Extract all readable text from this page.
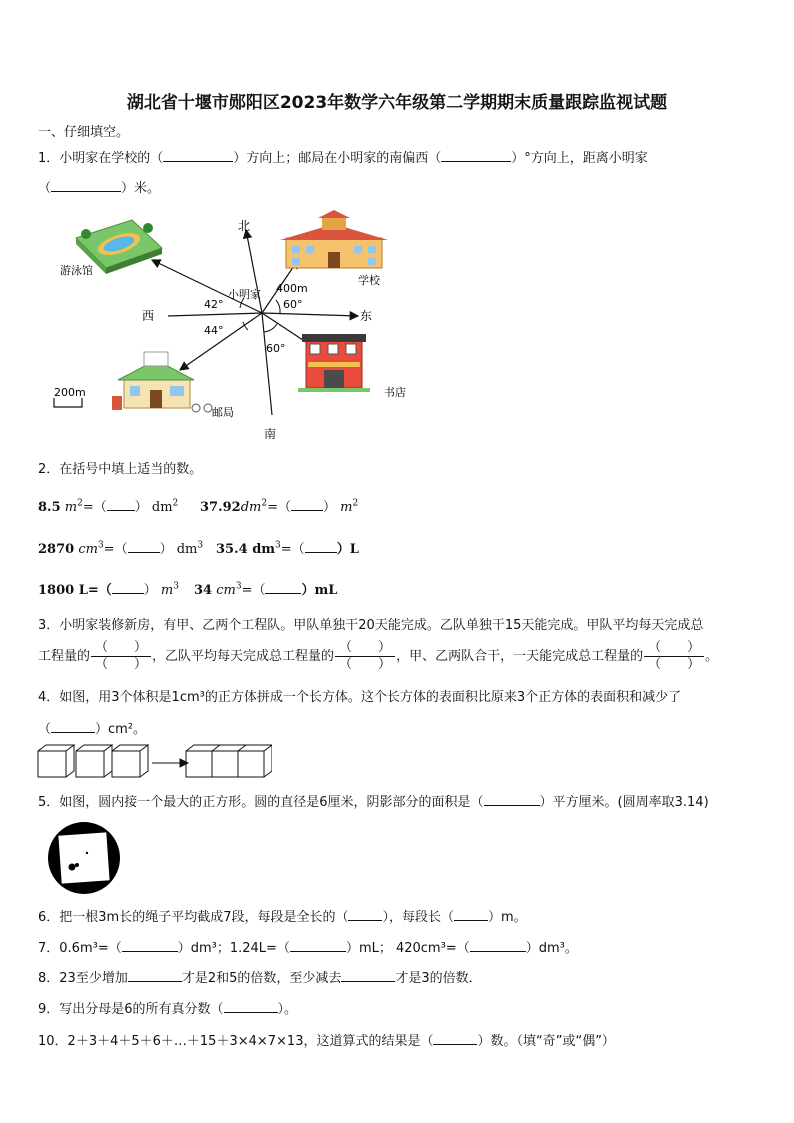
湖北省十堰市郧阳区2023年数学六年级第二学期期末质量跟踪监视试题
一、仔细填空。
1．小明家在学校的（	）方向上；邮局在小明家的南偏西（	）°方向上，距离小明家
（	）米。
北
南
东
西
小明家
游泳馆
学校
书店
邮局
400m
42°
44°
60°
60°
200m
2．在括号中填上适当的数。
8.5 $m^2=$（ ） $dm^2$ $37.92dm^2=$（ ） $m^2$
2870 $cm^3=$（ ） $dm^3$ 35.4 $dm^3=$（ ）L
1800 L=（ ） $m^3$ 34 $cm^3=$（	）mL
3．小明家装修新房，有甲、乙两个工程队。甲队单独干20天能完成。乙队单独干15天能完成。甲队平均每天完成总
工程量的 $\frac{( )}{( )}$ ，乙队平均每天完成总工程量的 $\frac{( )}{( )}$ ，甲、乙两队合干，一天能完成总工程量的 $\frac{( )}{( )}$ 。
4．如图，用3个体积是1cm³的正方体拼成一个长方体。这个长方体的表面积比原来3个正方体的表面积和减少了
（	）cm²。
5．如图，圆内接一个最大的正方形。圆的直径是6厘米，阴影部分的面积是（	）平方厘米。(圆周率取3.14)
6．把一根3m长的绳子平均截成7段，每段是全长的（	），每段长（	）m。
7．0.6m³=（	）dm³；1.24L=（	）mL； 420cm³=（	）dm³。
8．23至少增加	才是2和5的倍数，至少减去	才是3的倍数．
9．写出分母是6的所有真分数（	）。
10．2＋3＋4＋5＋6＋…＋15＋3×4×7×13，这道算式的结果是（	）数。（填“奇”或“偶”）
